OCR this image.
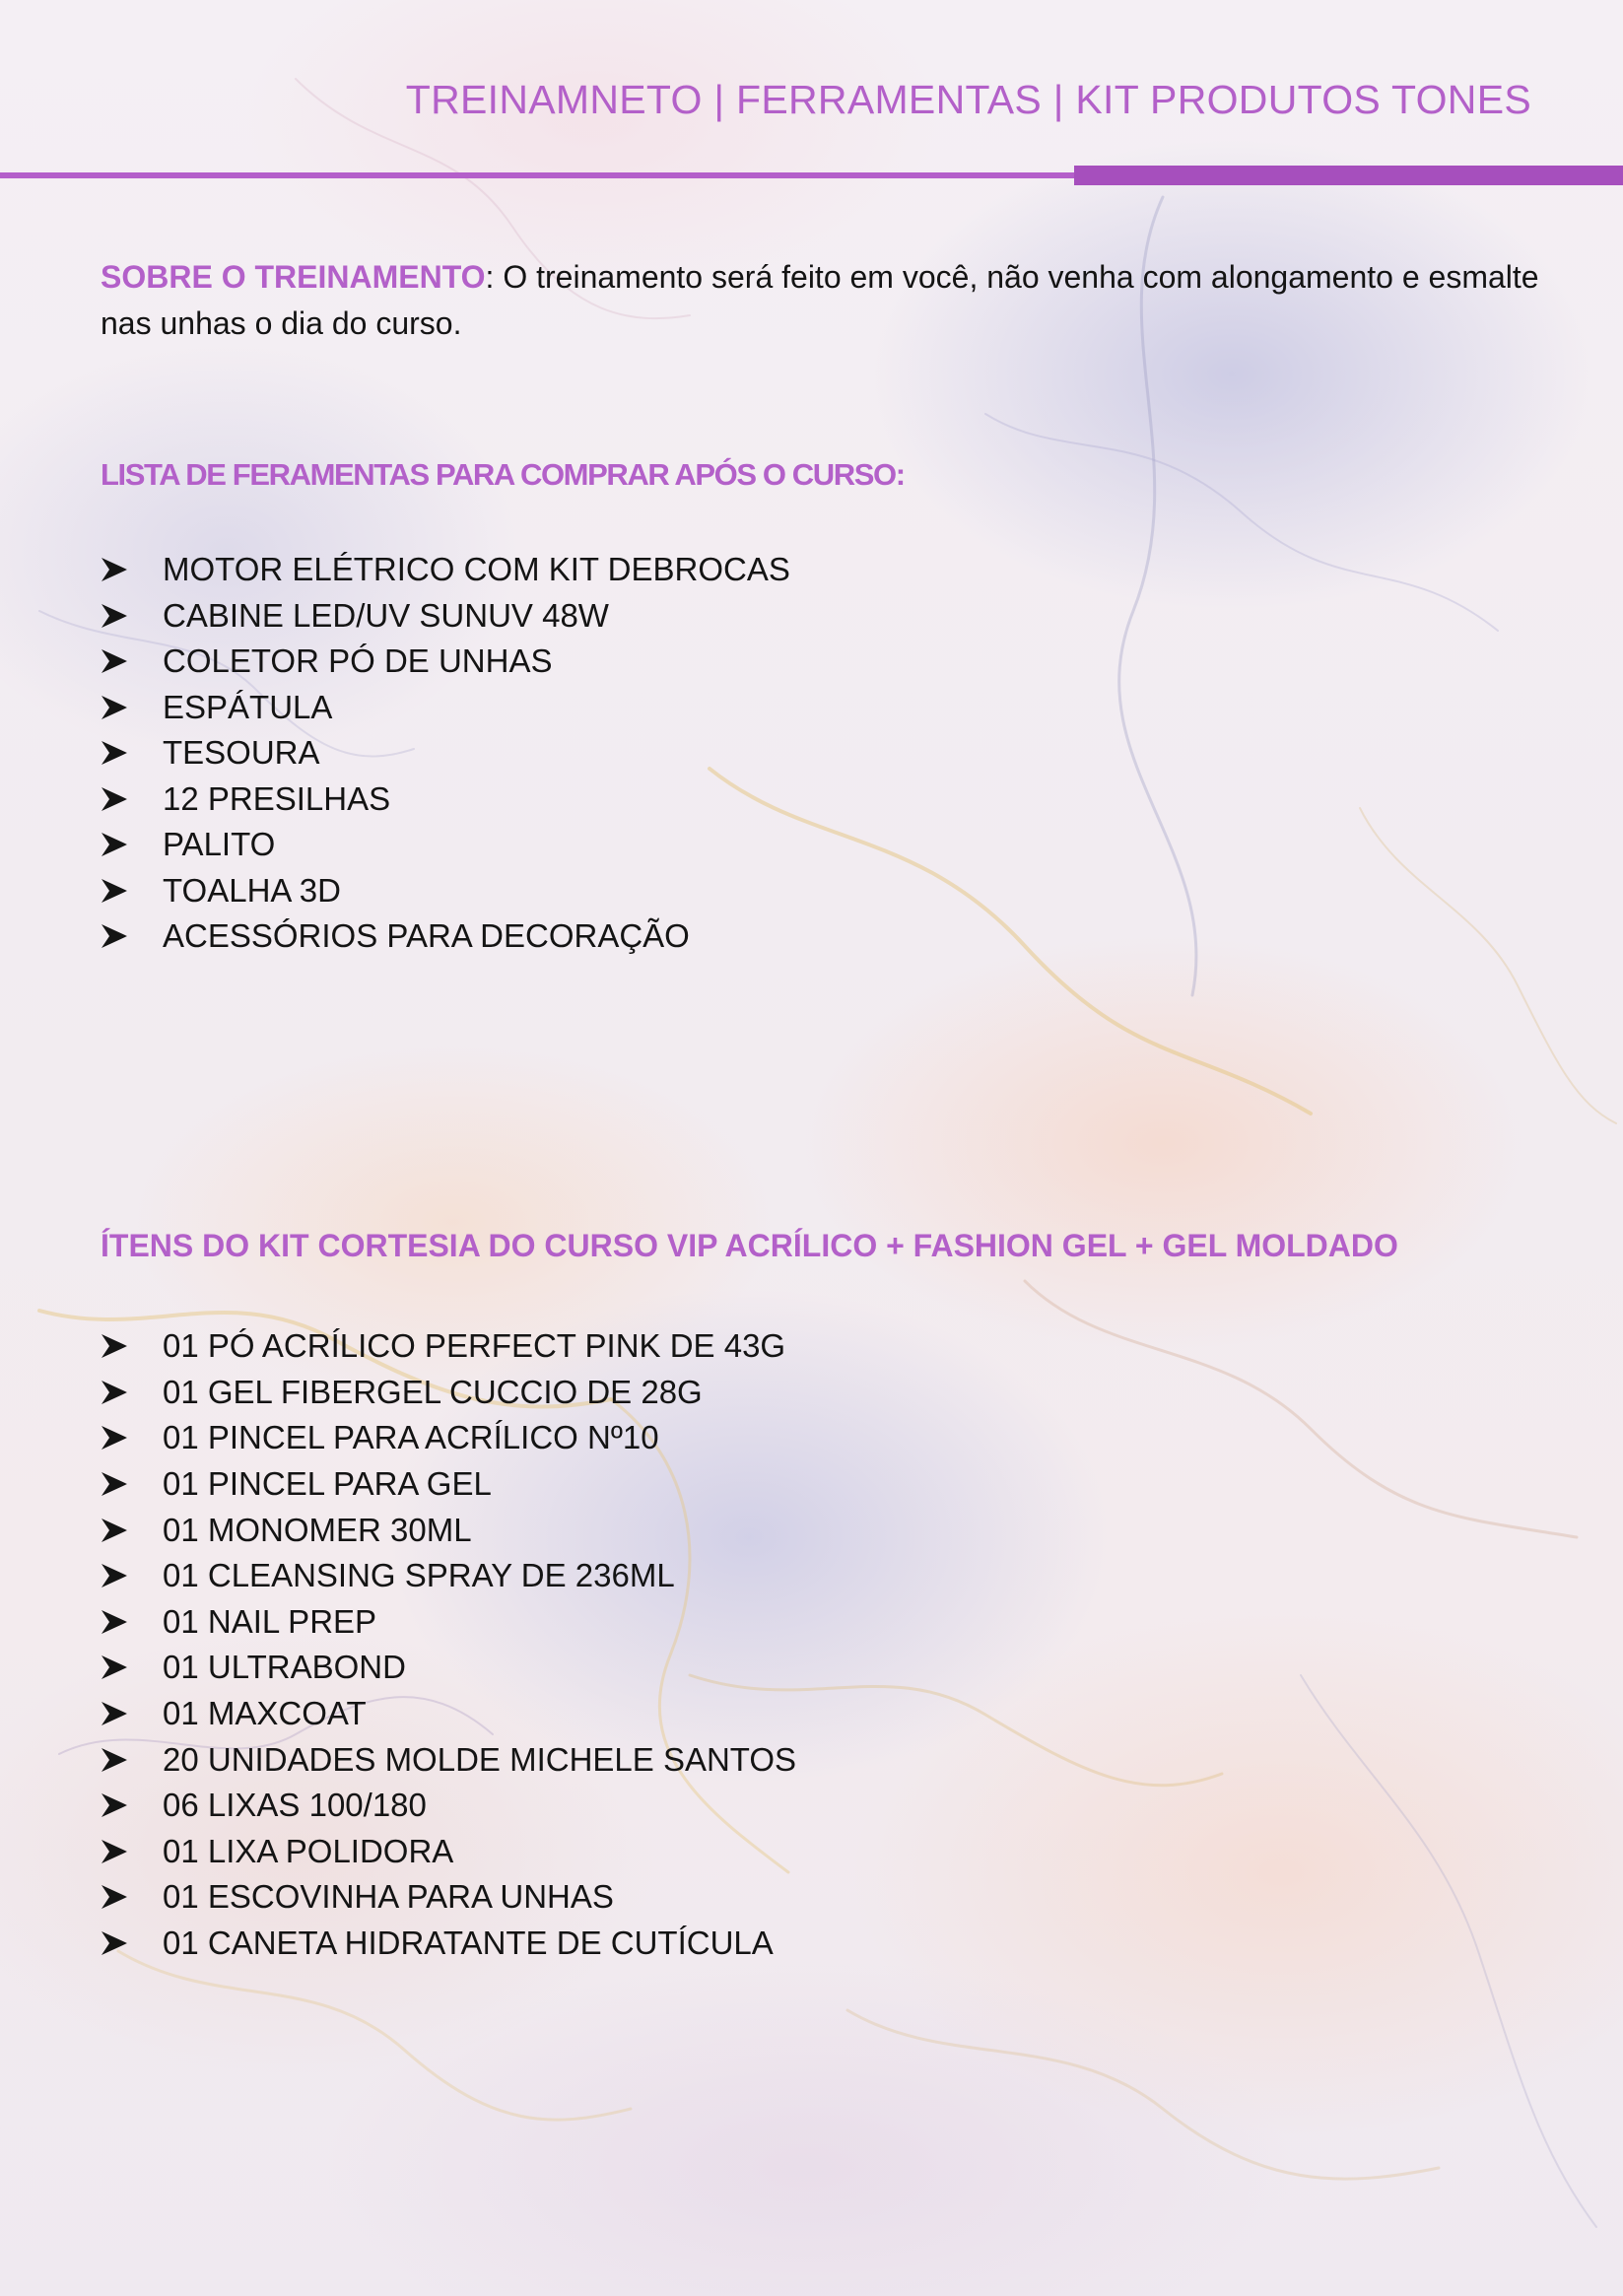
TREINAMNETO | FERRAMENTAS | KIT PRODUTOS TONES

SOBRE O TREINAMENTO: O treinamento será feito em você, não venha com alongamento e esmalte nas unhas o dia do curso.

LISTA DE FERAMENTAS PARA COMPRAR APÓS O CURSO:
MOTOR ELÉTRICO COM KIT DEBROCAS
CABINE LED/UV SUNUV 48W
COLETOR PÓ DE UNHAS
ESPÁTULA
TESOURA
12 PRESILHAS
PALITO
TOALHA 3D
ACESSÓRIOS PARA DECORAÇÃO
ÍTENS DO KIT CORTESIA DO CURSO VIP ACRÍLICO + FASHION GEL + GEL MOLDADO
01 PÓ ACRÍLICO PERFECT PINK DE 43G
01 GEL FIBERGEL CUCCIO DE 28G
01 PINCEL PARA ACRÍLICO Nº10
01 PINCEL PARA GEL
01 MONOMER 30ML
01 CLEANSING SPRAY DE 236ML
01 NAIL PREP
01 ULTRABOND
01 MAXCOAT
20 UNIDADES MOLDE MICHELE SANTOS
06 LIXAS 100/180
01 LIXA POLIDORA
01 ESCOVINHA PARA UNHAS
01 CANETA HIDRATANTE DE CUTÍCULA
